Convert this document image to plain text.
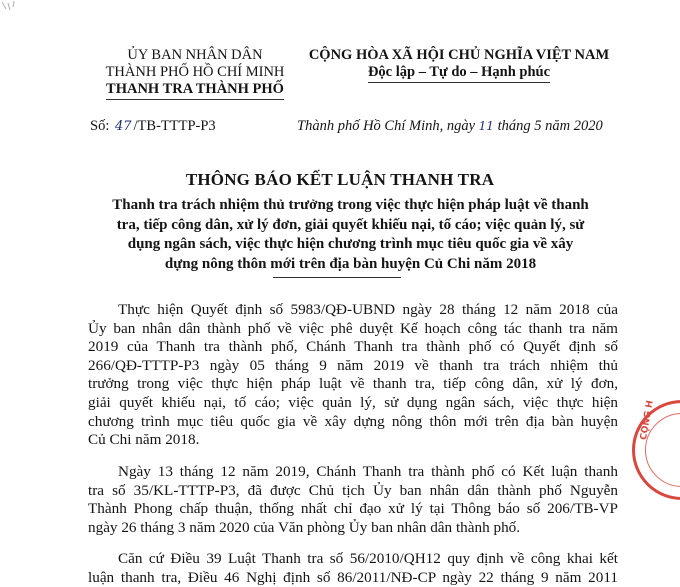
ỦY BAN NHÂN DÂN
THÀNH PHỐ HỒ CHÍ MINH
THANH TRA THÀNH PHỐ
CỘNG HÒA XÃ HỘI CHỦ NGHĨA VIỆT NAM
Độc lập – Tự do – Hạnh phúc
Số: 47 /TB-TTTP-P3	Thành phố Hồ Chí Minh, ngày 11 tháng 5 năm 2020
THÔNG BÁO KẾT LUẬN THANH TRA
Thanh tra trách nhiệm thủ trưởng trong việc thực hiện pháp luật về thanh
tra, tiếp công dân, xử lý đơn, giải quyết khiếu nại, tố cáo; việc quản lý, sử
dụng ngân sách, việc thực hiện chương trình mục tiêu quốc gia về xây
dựng nông thôn mới trên địa bàn huyện Củ Chi năm 2018
Thực hiện Quyết định số 5983/QĐ-UBND ngày 28 tháng 12 năm 2018 của
Ủy ban nhân dân thành phố về việc phê duyệt Kế hoạch công tác thanh tra năm
2019 của Thanh tra thành phố, Chánh Thanh tra thành phố có Quyết định số
266/QĐ-TTTP-P3 ngày 05 tháng 9 năm 2019 về thanh tra trách nhiệm thủ
trưởng trong việc thực hiện pháp luật về thanh tra, tiếp công dân, xử lý đơn,
giải quyết khiếu nại, tố cáo; việc quản lý, sử dụng ngân sách, việc thực hiện
chương trình mục tiêu quốc gia về xây dựng nông thôn mới trên địa bàn huyện
Củ Chi năm 2018.
Ngày 13 tháng 12 năm 2019, Chánh Thanh tra thành phố có Kết luận thanh
tra số 35/KL-TTTP-P3, đã được Chủ tịch Ủy ban nhân dân thành phố Nguyễn
Thành Phong chấp thuận, thống nhất chỉ đạo xử lý tại Thông báo số 206/TB-VP
ngày 26 tháng 3 năm 2020 của Văn phòng Ủy ban nhân dân thành phố.
Căn cứ Điều 39 Luật Thanh tra số 56/2010/QH12 quy định về công khai kết
luận thanh tra, Điều 46 Nghị định số 86/2011/NĐ-CP ngày 22 tháng 9 năm 2011
CỘNG H
